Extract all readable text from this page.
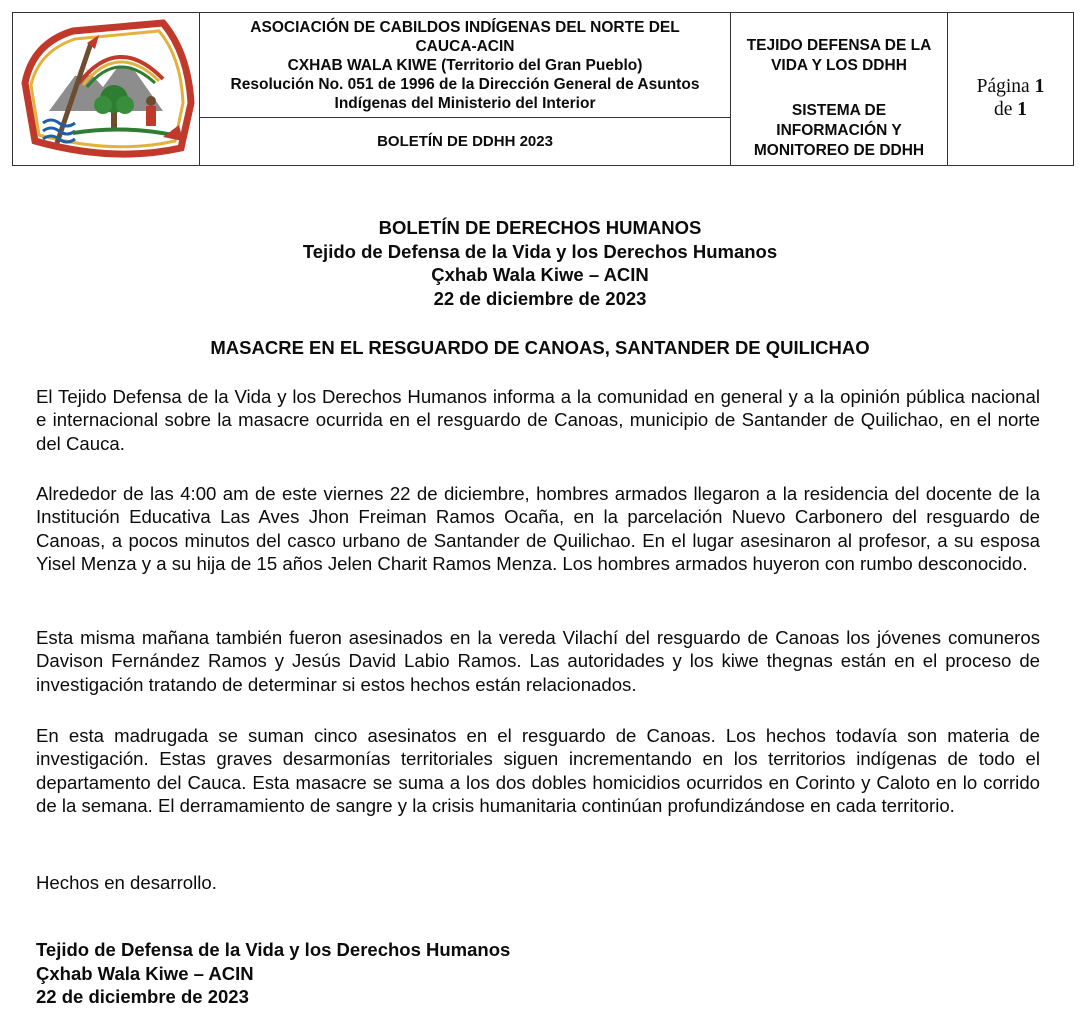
ASOCIACIÓN DE CABILDOS INDÍGENAS DEL NORTE DEL
CAUCA-ACIN
CXHAB WALA KIWE (Territorio del Gran Pueblo)
Resolución No. 051 de 1996 de la Dirección General de Asuntos
Indígenas del Ministerio del Interior
BOLETÍN DE DDHH 2023
TEJIDO DEFENSA DE LA
VIDA Y LOS DDHH
SISTEMA DE
INFORMACIÓN Y
MONITOREO DE DDHH
Página 1
de 1
BOLETÍN DE DERECHOS HUMANOS
Tejido de Defensa de la Vida y los Derechos Humanos
Çxhab Wala Kiwe – ACIN
22 de diciembre de 2023
MASACRE EN EL RESGUARDO DE CANOAS, SANTANDER DE QUILICHAO

El Tejido Defensa de la Vida y los Derechos Humanos informa a la comunidad en general y a la opinión pública nacional e internacional sobre la masacre ocurrida en el resguardo de Canoas, municipio de Santander de Quilichao, en el norte del Cauca.

Alrededor de las 4:00 am de este viernes 22 de diciembre, hombres armados llegaron a la residencia del docente de la Institución Educativa Las Aves Jhon Freiman Ramos Ocaña, en la parcelación Nuevo Carbonero del resguardo de Canoas, a pocos minutos del casco urbano de Santander de Quilichao. En el lugar asesinaron al profesor, a su esposa Yisel Menza y a su hija de 15 años Jelen Charit Ramos Menza. Los hombres armados huyeron con rumbo desconocido.

Esta misma mañana también fueron asesinados en la vereda Vilachí del resguardo de Canoas los jóvenes comuneros Davison Fernández Ramos y Jesús David Labio Ramos. Las autoridades y los kiwe thegnas están en el proceso de investigación tratando de determinar si estos hechos están relacionados.

En esta madrugada se suman cinco asesinatos en el resguardo de Canoas. Los hechos todavía son materia de investigación. Estas graves desarmonías territoriales siguen incrementando en los territorios indígenas de todo el departamento del Cauca. Esta masacre se suma a los dos dobles homicidios ocurridos en Corinto y Caloto en lo corrido de la semana. El derramamiento de sangre y la crisis humanitaria continúan profundizándose en cada territorio.

Hechos en desarrollo.

Tejido de Defensa de la Vida y los Derechos Humanos
Çxhab Wala Kiwe – ACIN
22 de diciembre de 2023
